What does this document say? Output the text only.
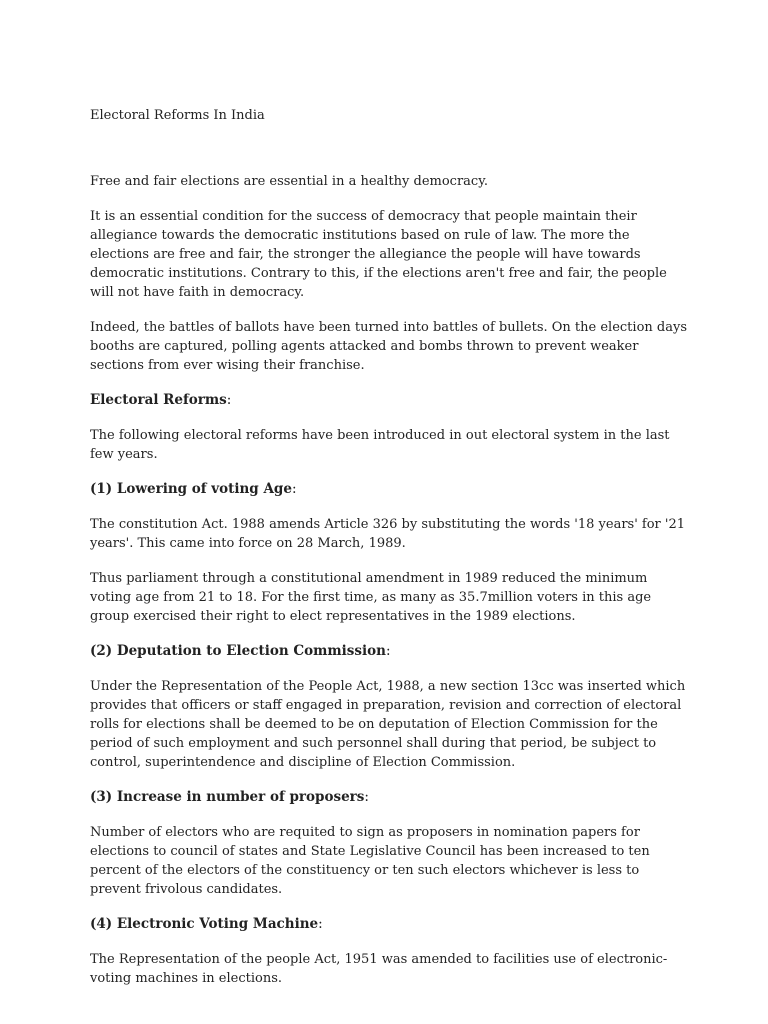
Electoral Reforms In India

Free and fair elections are essential in a healthy democracy.

It is an essential condition for the success of democracy that people maintain their allegiance towards the democratic institutions based on rule of law. The more the elections are free and fair, the stronger the allegiance the people will have towards democratic institutions. Contrary to this, if the elections aren't free and fair, the people will not have faith in democracy.

Indeed, the battles of ballots have been turned into battles of bullets. On the election days booths are captured, polling agents attacked and bombs thrown to prevent weaker sections from ever wising their franchise.

Electoral Reforms:

The following electoral reforms have been introduced in out electoral system in the last few years.

(1) Lowering of voting Age:

The constitution Act. 1988 amends Article 326 by substituting the words '18 years' for '21 years'. This came into force on 28 March, 1989.

Thus parliament through a constitutional amendment in 1989 reduced the minimum voting age from 21 to 18. For the first time, as many as 35.7million voters in this age group exercised their right to elect representatives in the 1989 elections.

(2) Deputation to Election Commission:

Under the Representation of the People Act, 1988, a new section 13cc was inserted which provides that officers or staff engaged in preparation, revision and correction of electoral rolls for elections shall be deemed to be on deputation of Election Commission for the period of such employment and such personnel shall during that period, be subject to control, superintendence and discipline of Election Commission.

(3) Increase in number of proposers:

Number of electors who are requited to sign as proposers in nomination papers for elections to council of states and State Legislative Council has been increased to ten percent of the electors of the constituency or ten such electors whichever is less to prevent frivolous candidates.

(4) Electronic Voting Machine:

The Representation of the people Act, 1951 was amended to facilities use of electronic- voting machines in elections.
